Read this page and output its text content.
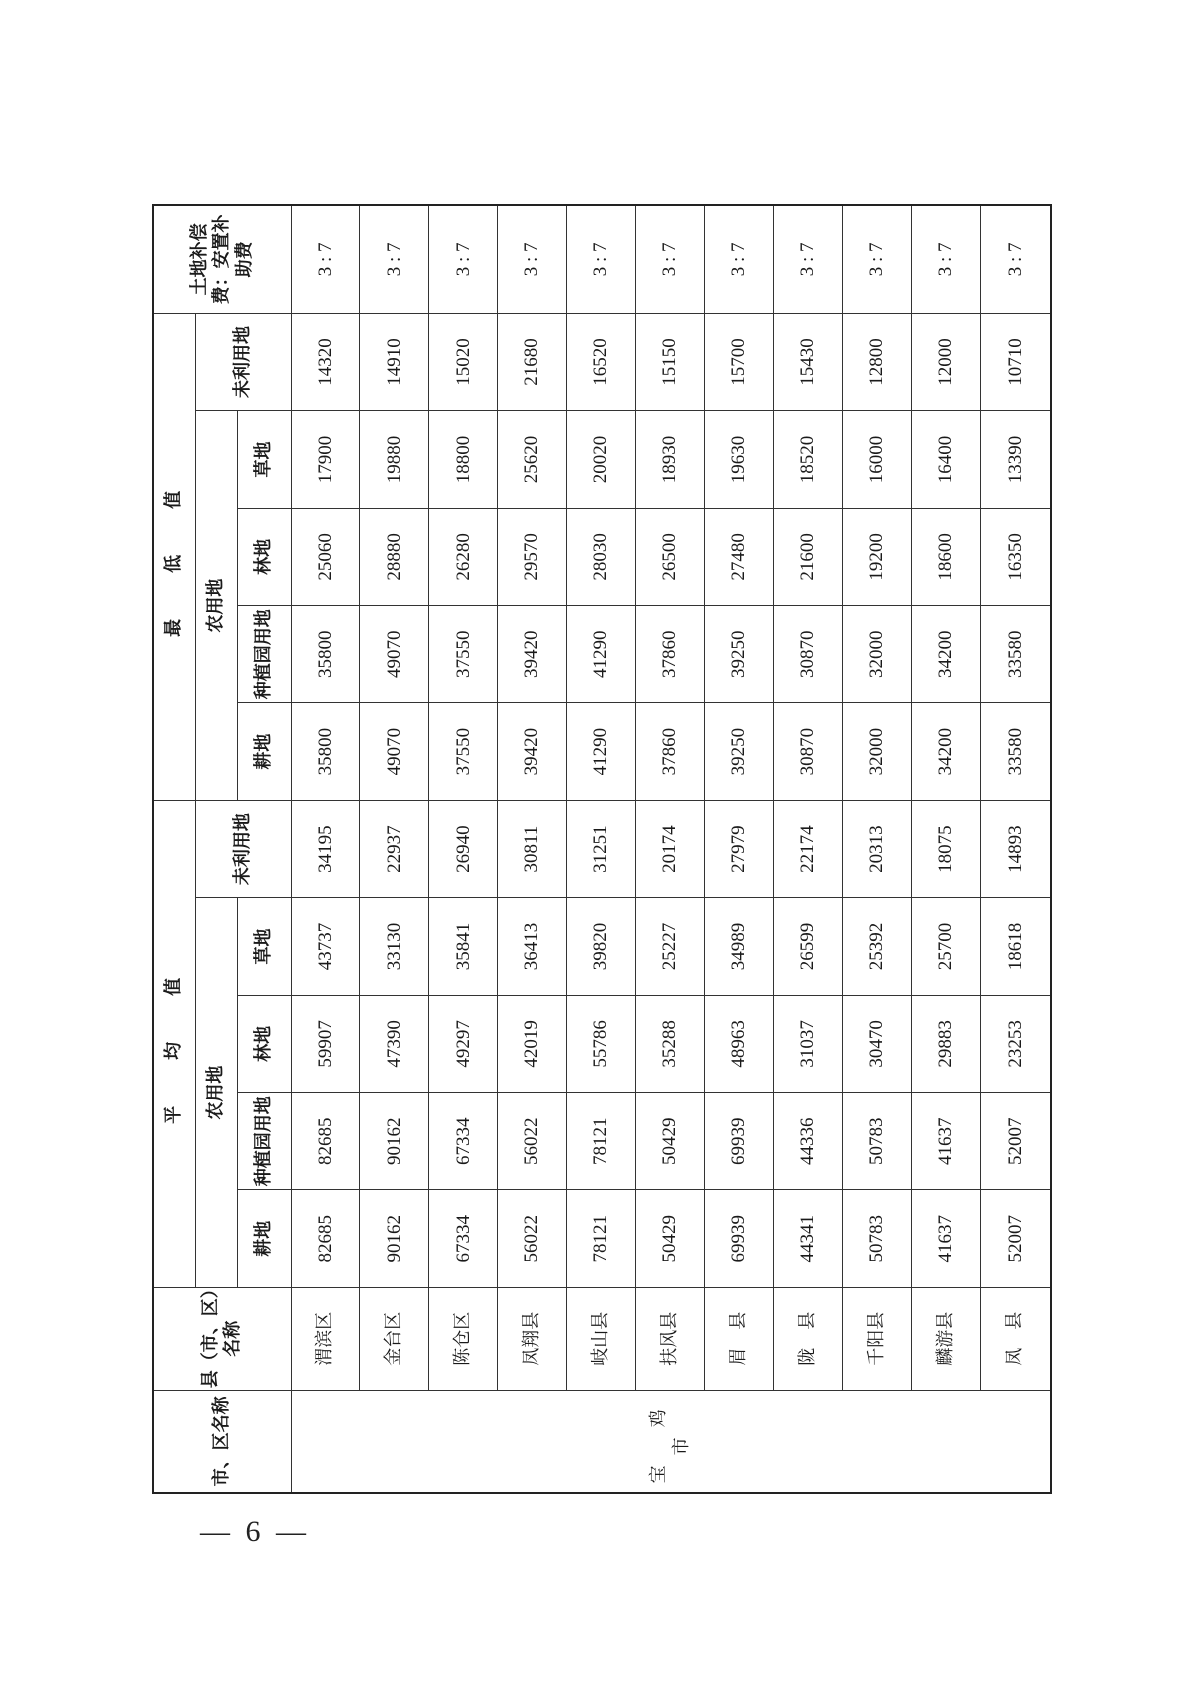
市、区名称	县（市、区）名称	平　均　值					最　低　值					土地补偿费：安置补助费
		农用地				未利用地	农用地				未利用地	
		耕地	种植园用地	林地	草地		耕地	种植园用地	林地	草地		
宝　鸡　市	渭滨区	82685	82685	59907	43737	34195	35800	35800	25060	17900	14320	3 : 7
	金台区	90162	90162	47390	33130	22937	49070	49070	28880	19880	14910	3 : 7
	陈仓区	67334	67334	49297	35841	26940	37550	37550	26280	18800	15020	3 : 7
	凤翔县	56022	56022	42019	36413	30811	39420	39420	29570	25620	21680	3 : 7
	岐山县	78121	78121	55786	39820	31251	41290	41290	28030	20020	16520	3 : 7
	扶风县	50429	50429	35288	25227	20174	37860	37860	26500	18930	15150	3 : 7
	眉　县	69939	69939	48963	34989	27979	39250	39250	27480	19630	15700	3 : 7
	陇　县	44341	44336	31037	26599	22174	30870	30870	21600	18520	15430	3 : 7
	千阳县	50783	50783	30470	25392	20313	32000	32000	19200	16000	12800	3 : 7
	麟游县	41637	41637	29883	25700	18075	34200	34200	18600	16400	12000	3 : 7
	凤　县	52007	52007	23253	18618	14893	33580	33580	16350	13390	10710	3 : 7
— 6 —
